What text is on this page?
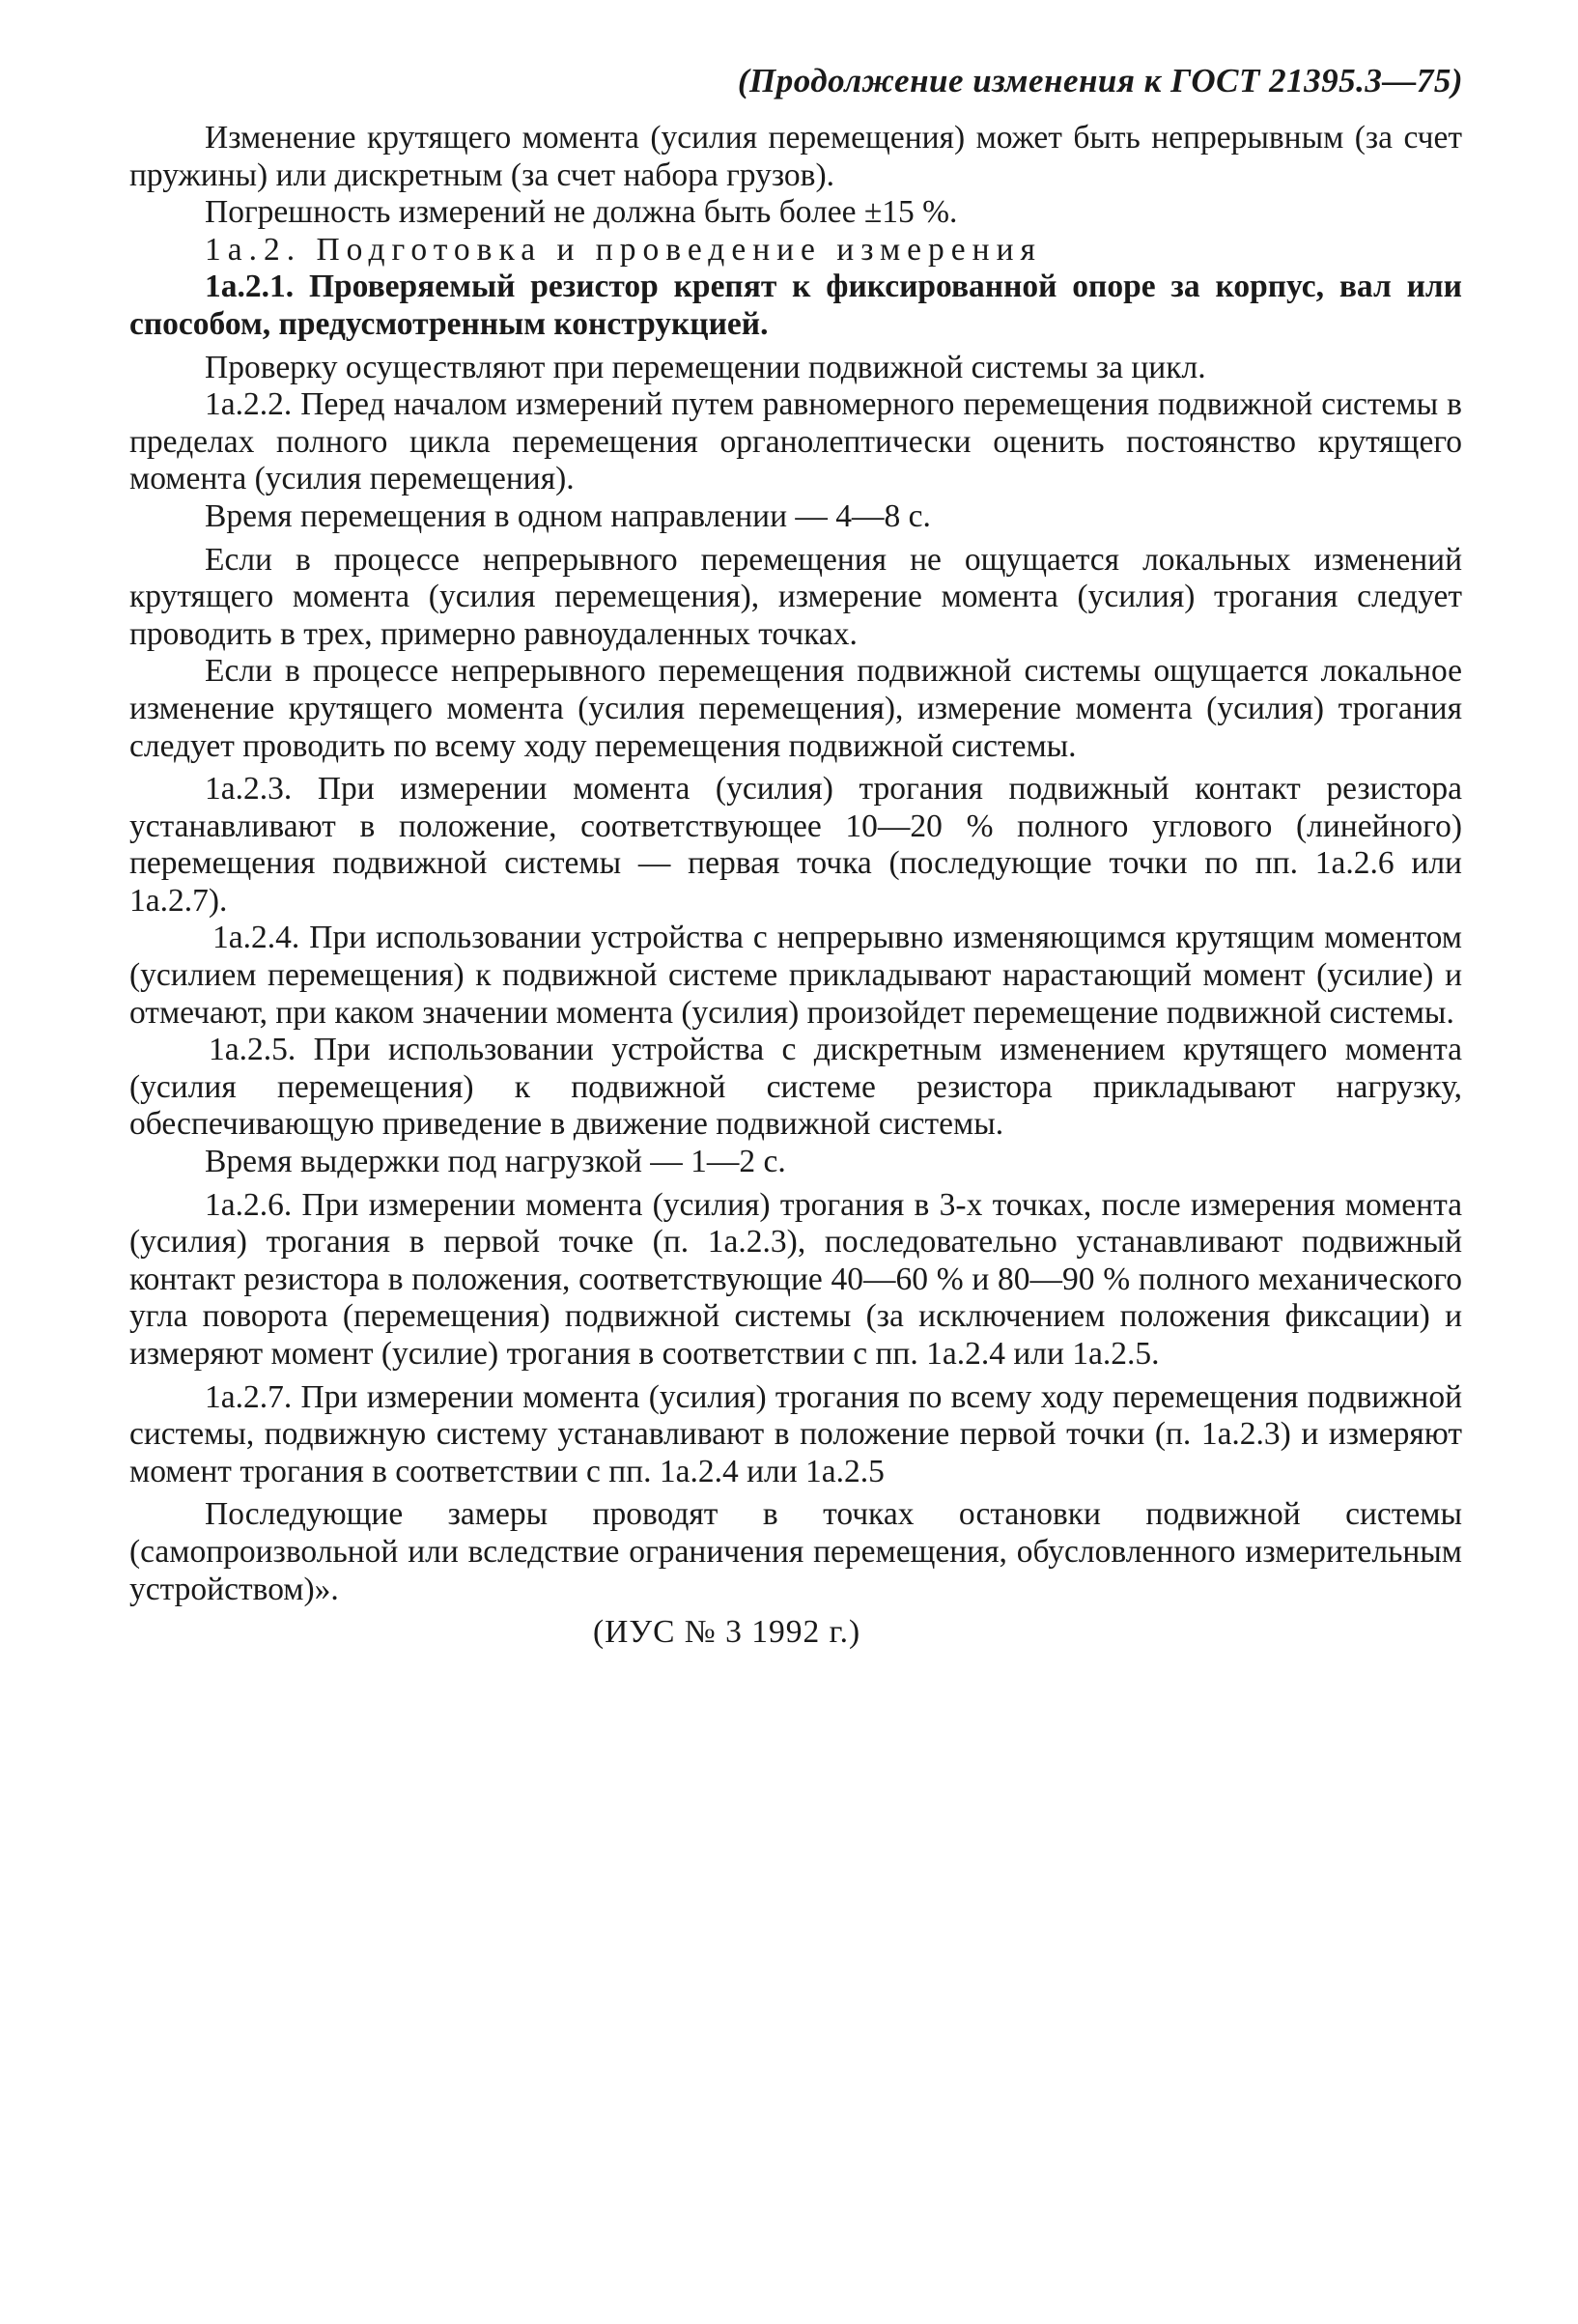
(Продолжение изменения к ГОСТ 21395.3—75)

Изменение крутящего момента (усилия перемещения) может быть непрерывным (за счет пружины) или дискретным (за счет набора грузов).

Погрешность измерений не должна быть более ±15 %.

1а.2. Подготовка и проведение измерения

1а.2.1. Проверяемый резистор крепят к фиксированной опоре за корпус, вал или способом, предусмотренным конструкцией.

Проверку осуществляют при перемещении подвижной системы за цикл.

1а.2.2. Перед началом измерений путем равномерного перемещения подвижной системы в пределах полного цикла перемещения органолептически оценить постоянство крутящего момента (усилия перемещения).

Время перемещения в одном направлении — 4—8 с.

Если в процессе непрерывного перемещения не ощущается локальных изменений крутящего момента (усилия перемещения), измерение момента (усилия) трогания следует проводить в трех, примерно равноудаленных точках.

Если в процессе непрерывного перемещения подвижной системы ощущается локальное изменение крутящего момента (усилия перемещения), измерение момента (усилия) трогания следует проводить по всему ходу перемещения подвижной системы.

1а.2.3. При измерении момента (усилия) трогания подвижный контакт резистора устанавливают в положение, соответствующее 10—20 % полного углового (линейного) перемещения подвижной системы — первая точка (последующие точки по пп. 1а.2.6 или 1а.2.7).

1а.2.4. При использовании устройства с непрерывно изменяющимся крутящим моментом (усилием перемещения) к подвижной системе прикладывают нарастающий момент (усилие) и отмечают, при каком значении момента (усилия) произойдет перемещение подвижной системы.

1а.2.5. При использовании устройства с дискретным изменением крутящего момента (усилия перемещения) к подвижной системе резистора прикладывают нагрузку, обеспечивающую приведение в движение подвижной системы.

Время выдержки под нагрузкой — 1—2 с.

1а.2.6. При измерении момента (усилия) трогания в 3-х точках, после измерения момента (усилия) трогания в первой точке (п. 1а.2.3), последовательно устанавливают подвижный контакт резистора в положения, соответствующие 40—60 % и 80—90 % полного механического угла поворота (перемещения) подвижной системы (за исключением положения фиксации) и измеряют момент (усилие) трогания в соответствии с пп. 1а.2.4 или 1а.2.5.

1а.2.7. При измерении момента (усилия) трогания по всему ходу перемещения подвижной системы, подвижную систему устанавливают в положение первой точки (п. 1а.2.3) и измеряют момент трогания в соответствии с пп. 1а.2.4 или 1а.2.5

Последующие замеры проводят в точках остановки подвижной системы (самопроизвольной или вследствие ограничения перемещения, обусловленного измерительным устройством)».

(ИУС № 3 1992 г.)
